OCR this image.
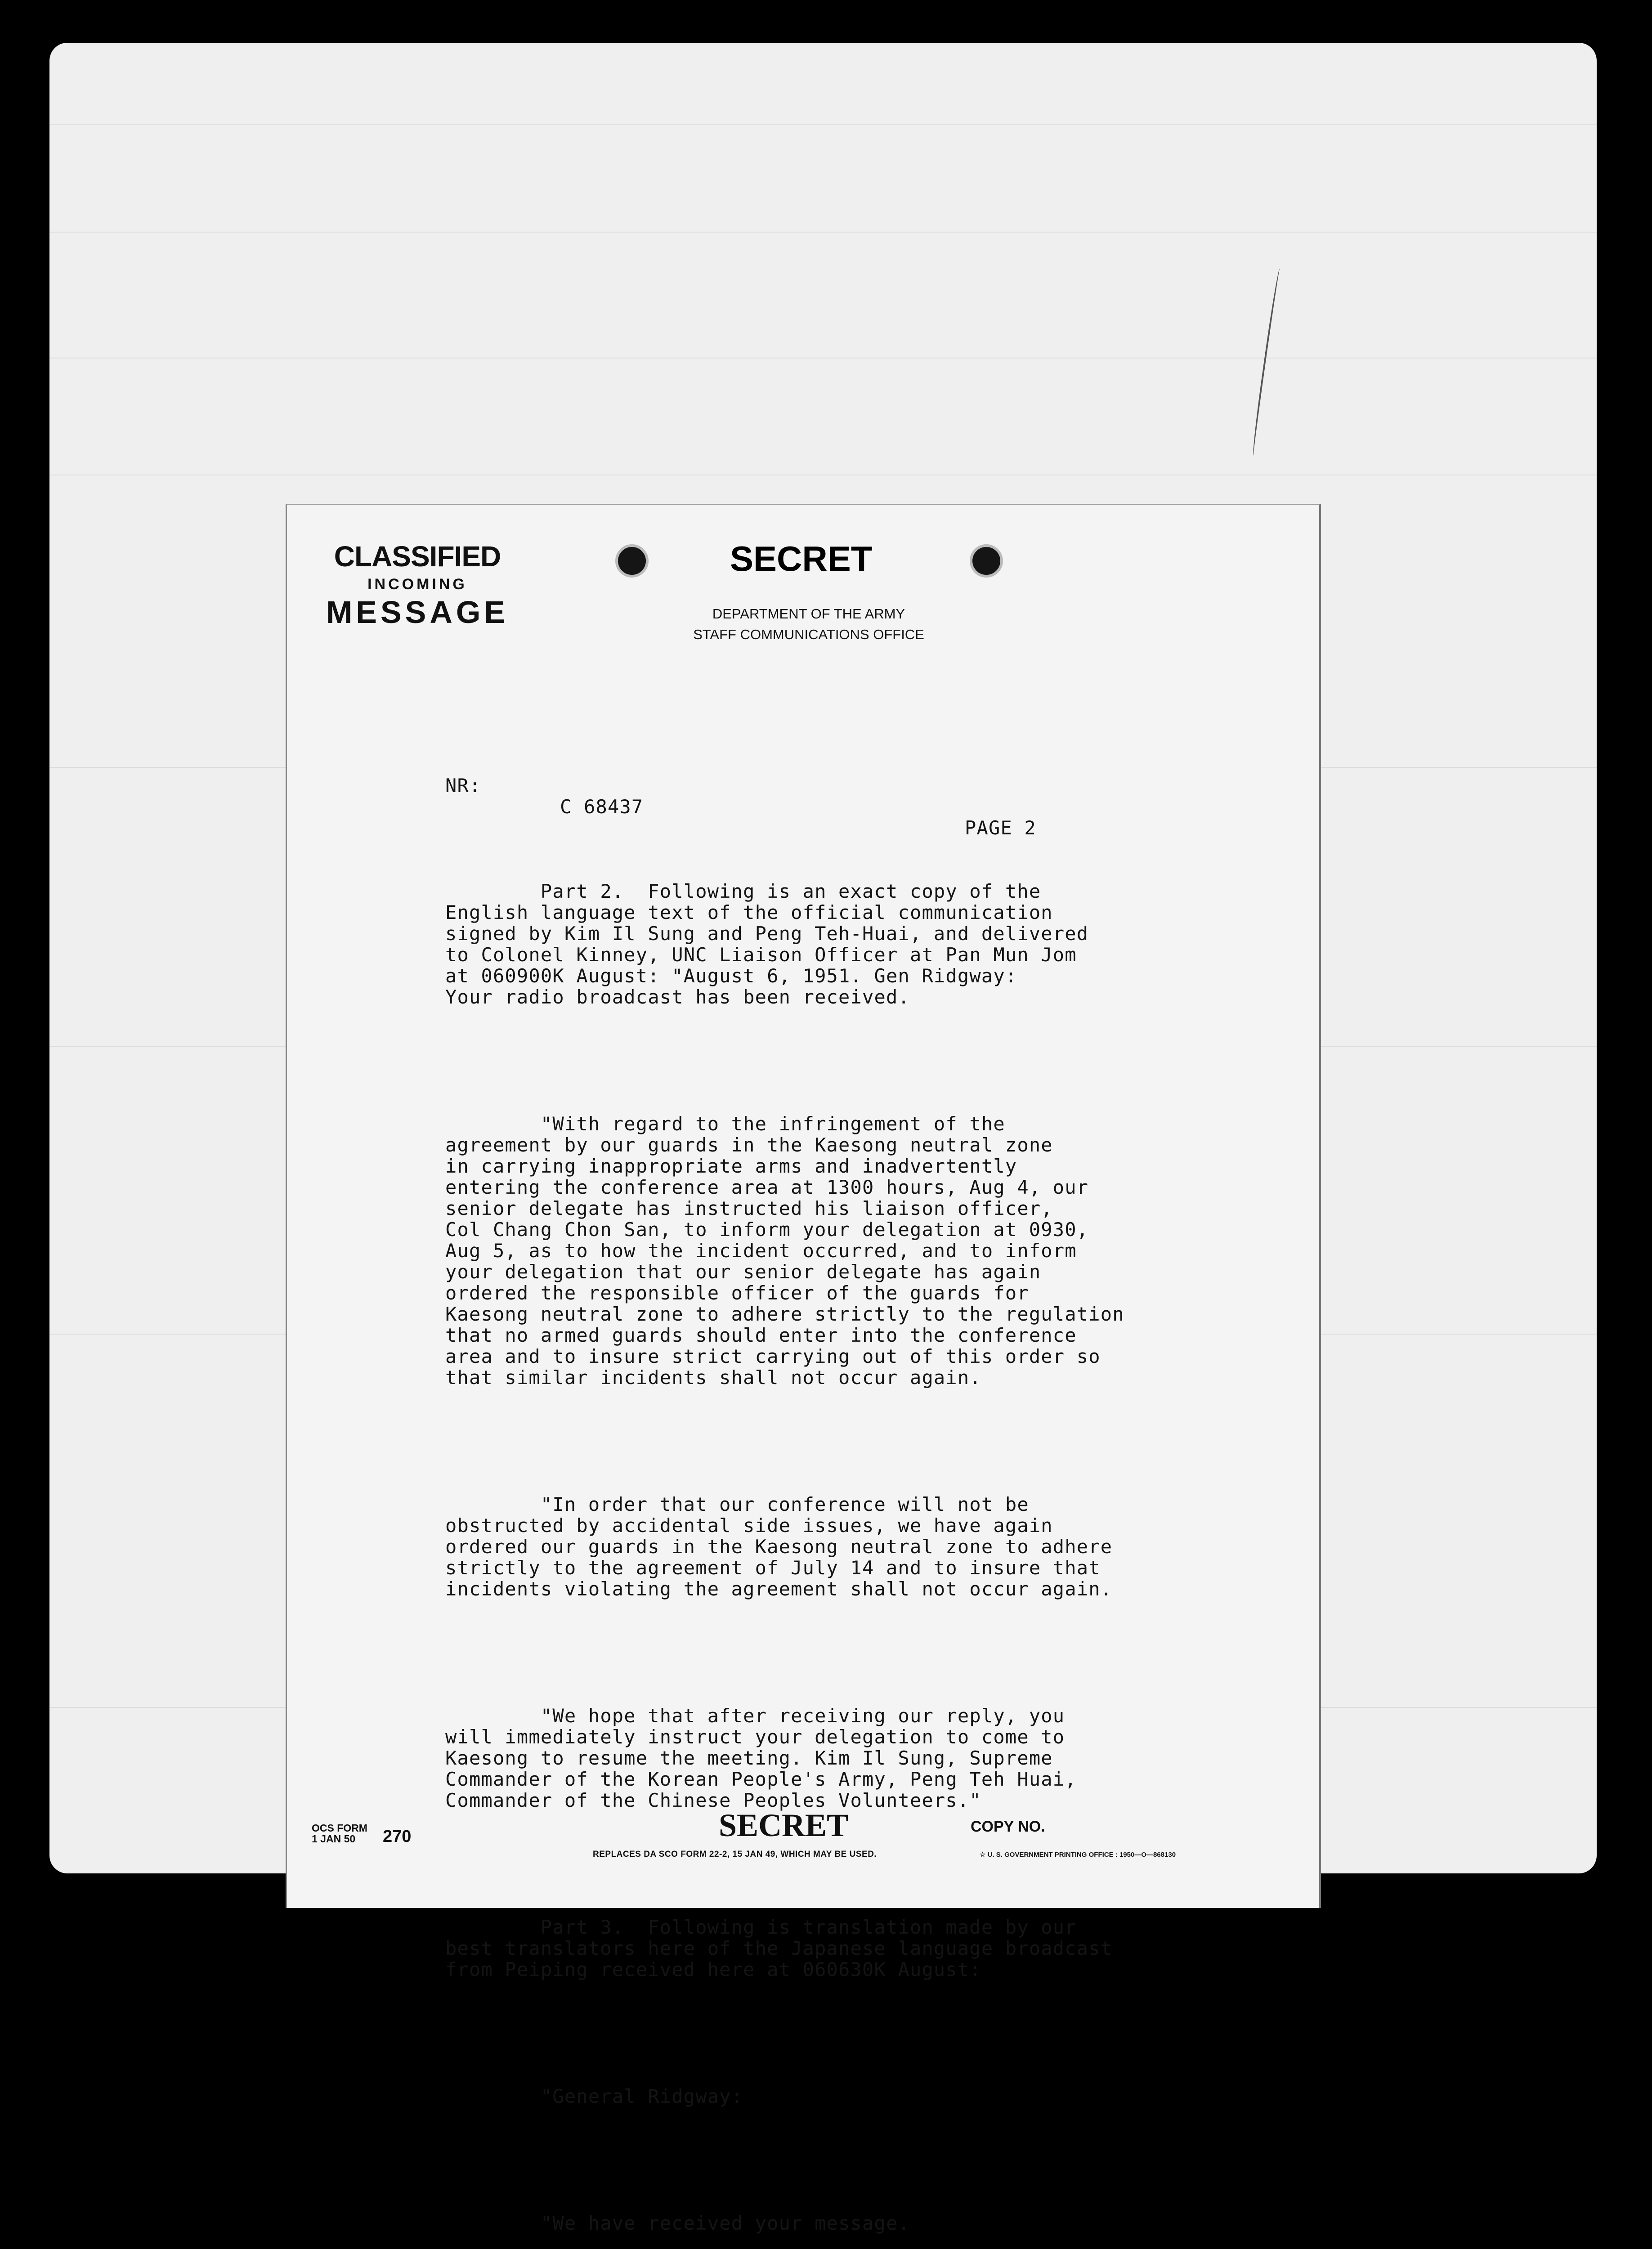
CLASSIFIED
INCOMING
MESSAGE
SECRET
DEPARTMENT OF THE ARMY
STAFF COMMUNICATIONS OFFICE

NR:

C 68437

PAGE 2

Part 2.  Following is an exact copy of the
English language text of the official communication
signed by Kim Il Sung and Peng Teh-Huai, and delivered
to Colonel Kinney, UNC Liaison Officer at Pan Mun Jom
at 060900K August: "August 6, 1951. Gen Ridgway:
Your radio broadcast has been received.

"With regard to the infringement of the
agreement by our guards in the Kaesong neutral zone
in carrying inappropriate arms and inadvertently
entering the conference area at 1300 hours, Aug 4, our
senior delegate has instructed his liaison officer,
Col Chang Chon San, to inform your delegation at 0930,
Aug 5, as to how the incident occurred, and to inform
your delegation that our senior delegate has again
ordered the responsible officer of the guards for
Kaesong neutral zone to adhere strictly to the regulation
that no armed guards should enter into the conference
area and to insure strict carrying out of this order so
that similar incidents shall not occur again.

"In order that our conference will not be
obstructed by accidental side issues, we have again
ordered our guards in the Kaesong neutral zone to adhere
strictly to the agreement of July 14 and to insure that
incidents violating the agreement shall not occur again.

"We hope that after receiving our reply, you
will immediately instruct your delegation to come to
Kaesong to resume the meeting. Kim Il Sung, Supreme
Commander of the Korean People's Army, Peng Teh Huai,
Commander of the Chinese Peoples Volunteers."

Part 3.  Following is translation made by our
best translators here of the Japanese language broadcast
from Peiping received here at 060630K August:

"General Ridgway:

"We have received your message.

OCS FORM
1 JAN 50	270	SECRET	COPY NO.
REPLACES DA SCO FORM 22-2, 15 JAN 49, WHICH MAY BE USED.	☆ U. S. GOVERNMENT PRINTING OFFICE : 1950—O—868130
